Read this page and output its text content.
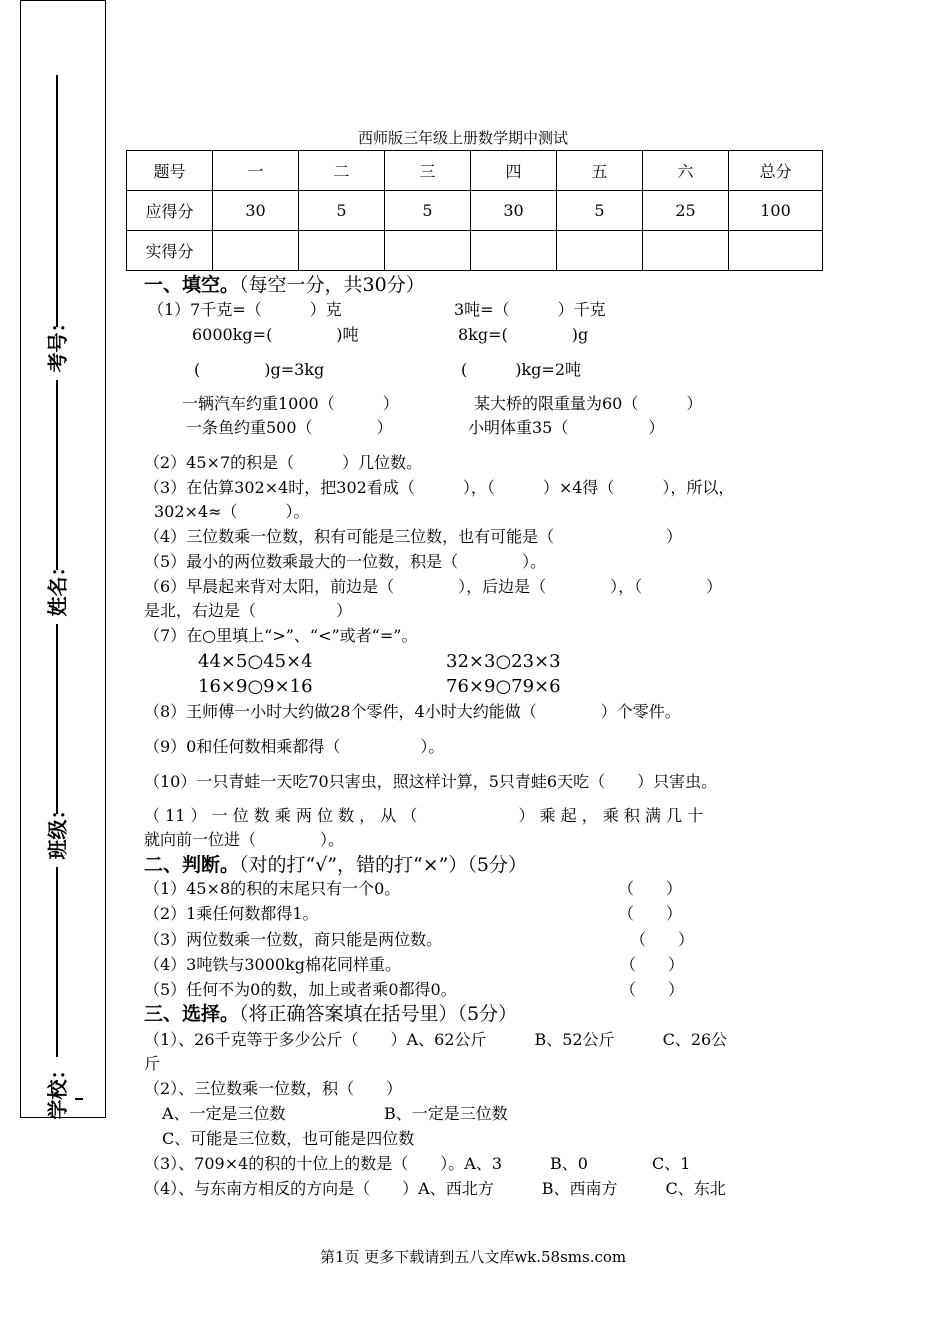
考号：
姓名：
班级：
学校：
西师版三年级上册数学期中测试
题号	一	二	三	四	五	六	总分
应得分	30	5	5	30	5	25	100
实得分							
一、填空。（每空一分，共30分）
（1）7千克=（　　　）克	3吨=（　　　）千克
6000kg=(　　　　)吨	8kg=(　　　　)g
(　　　　)g=3kg	(　　　)kg=2吨
一辆汽车约重1000（　　　）	某大桥的限重量为60（　　　）
一条鱼约重500（　　　　）	小明体重35（　　　　　）
（2）45×7的积是（　　　）几位数。
（3）在估算302×4时，把302看成（　　　），（　　　）×4得（　　　），所以，
302×4≈（　　　）。
（4）三位数乘一位数，积有可能是三位数，也有可能是（　　　　　　　）
（5）最小的两位数乘最大的一位数，积是（　　　　）。
（6）早晨起来背对太阳，前边是（　　　　），后边是（　　　　），（　　　　）
是北，右边是（　　　　　）
（7）在○里填上“>”、“<”或者“=”。
44×5○45×4	32×3○23×3
16×9○9×16	76×9○79×6
（8）王师傅一小时大约做28个零件，4小时大约能做（　　　　）个零件。
（9）0和任何数相乘都得（　　　　　）。
（10）一只青蛙一天吃70只害虫，照这样计算，5只青蛙6天吃（　　）只害虫。
（ 11 ） 一 位 数 乘 两 位 数 ， 从 （　　　　　　 ） 乘 起 ， 乘 积 满 几 十
就向前一位进（　　　　）。
二、判断。（对的打“√”，错的打“×”）（5分）
（1）45×8的积的末尾只有一个0。	（　　）
（2）1乘任何数都得1。	（　　）
（3）两位数乘一位数，商只能是两位数。	（　　）
（4）3吨铁与3000kg棉花同样重。	（　　）
（5）任何不为0的数，加上或者乘0都得0。	（　　）
三、选择。（将正确答案填在括号里）（5分）
（1）、26千克等于多少公斤（　　）A、62公斤　　　B、52公斤　　　C、26公
斤
（2）、三位数乘一位数，积（　　）
A、一定是三位数	B、一定是三位数
C、可能是三位数，也可能是四位数
（3）、709×4的积的十位上的数是（　　）。A、3　　　B、0　　　　C、1
（4）、与东南方相反的方向是（　　）A、西北方　　　B、西南方　　　C、东北
第1页 更多下载请到五八文库wk.58sms.com
